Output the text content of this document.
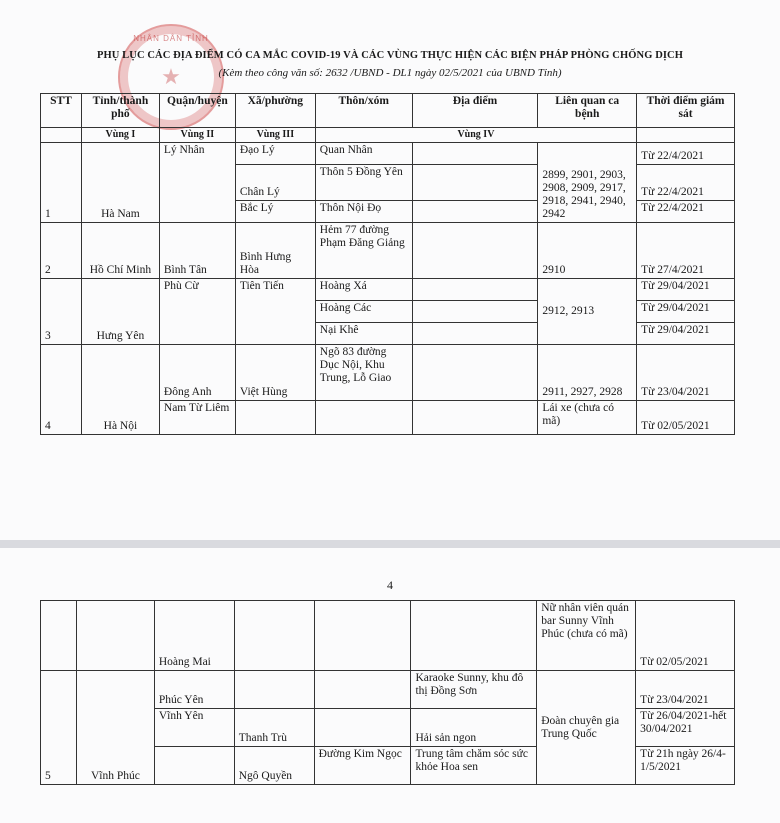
NHÂN DÂN TỈNH
★
PHỤ LỤC CÁC ĐỊA ĐIỂM CÓ CA MẮC COVID-19 VÀ CÁC VÙNG THỰC HIỆN CÁC BIỆN PHÁP PHÒNG CHỐNG DỊCH
(Kèm theo công văn số: 2632 /UBND - DL1 ngày 02/5/2021 của UBND Tỉnh)
STT	Tỉnh/thành phố	Quận/huyện	Xã/phường	Thôn/xóm	Địa điểm	Liên quan ca bệnh	Thời điểm giám sát
	Vùng I	Vùng II	Vùng III	Vùng IV			
1	Hà Nam	Lý Nhân	Đạo Lý	Quan Nhân		2899, 2901, 2903, 2908, 2909, 2917, 2918, 2941, 2940, 2942	Từ 22/4/2021
			Chân Lý	Thôn 5 Đồng Yên			Từ 22/4/2021
			Bắc Lý	Thôn Nội Đọ			Từ 22/4/2021
2	Hồ Chí Minh	Bình Tân	Bình Hưng Hòa	Hẻm 77 đường Phạm Đăng Giảng		2910	Từ 27/4/2021
3	Hưng Yên	Phù Cừ	Tiên Tiến	Hoàng Xá		2912, 2913	Từ 29/04/2021
				Hoàng Các			Từ 29/04/2021
				Nại Khê			Từ 29/04/2021
4	Hà Nội	Đông Anh	Việt Hùng	Ngõ 83 đường Dục Nội, Khu Trung, Lỗ Giao		2911, 2927, 2928	Từ 23/04/2021
		Nam Từ Liêm				Lái xe (chưa có mã)	Từ 02/05/2021
4
		Hoàng Mai				Nữ nhân viên quán bar Sunny Vĩnh Phúc (chưa có mã)	Từ 02/05/2021
5	Vĩnh Phúc	Phúc Yên			Karaoke Sunny, khu đô thị Đồng Sơn	Đoàn chuyên gia Trung Quốc	Từ 23/04/2021
		Vĩnh Yên	Thanh Trù		Hải sản ngon		Từ 26/04/2021-hết 30/04/2021
			Ngô Quyền	Đường Kim Ngọc	Trung tâm chăm sóc sức khỏe Hoa sen		Từ 21h ngày 26/4-1/5/2021
